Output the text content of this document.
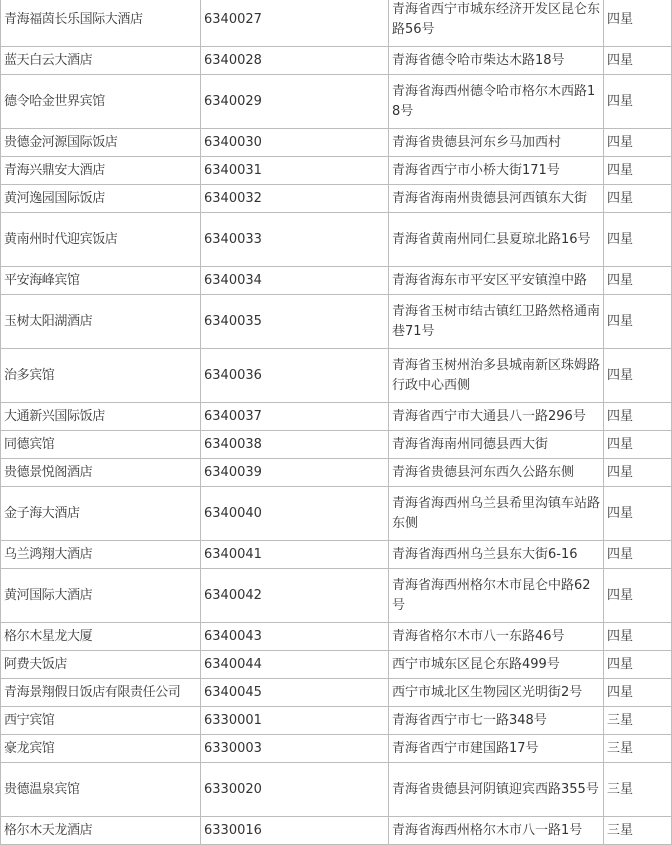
青海福茵长乐国际大酒店	6340027	青海省西宁市城东经济开发区昆仑东路56号	四星
蓝天白云大酒店	6340028	青海省德令哈市柴达木路18号	四星
德令哈金世界宾馆	6340029	青海省海西州德令哈市格尔木西路18号	四星
贵德金河源国际饭店	6340030	青海省贵德县河东乡马加西村	四星
青海兴鼎安大酒店	6340031	青海省西宁市小桥大街171号	四星
黄河逸园国际饭店	6340032	青海省海南州贵德县河西镇东大街	四星
黄南州时代迎宾饭店	6340033	青海省黄南州同仁县夏琼北路16号	四星
平安海峰宾馆	6340034	青海省海东市平安区平安镇湟中路	四星
玉树太阳湖酒店	6340035	青海省玉树市结古镇红卫路然格通南巷71号	四星
治多宾馆	6340036	青海省玉树州治多县城南新区珠姆路行政中心西侧	四星
大通新兴国际饭店	6340037	青海省西宁市大通县八一路296号	四星
同德宾馆	6340038	青海省海南州同德县西大街	四星
贵德景悦阁酒店	6340039	青海省贵德县河东西久公路东侧	四星
金子海大酒店	6340040	青海省海西州乌兰县希里沟镇车站路东侧	四星
乌兰鸿翔大酒店	6340041	青海省海西州乌兰县东大街6-16	四星
黄河国际大酒店	6340042	青海省海西州格尔木市昆仑中路62号	四星
格尔木星龙大厦	6340043	青海省格尔木市八一东路46号	四星
阿费夫饭店	6340044	西宁市城东区昆仑东路499号	四星
青海景翔假日饭店有限责任公司	6340045	西宁市城北区生物园区光明街2号	四星
西宁宾馆	6330001	青海省西宁市七一路348号	三星
豪龙宾馆	6330003	青海省西宁市建国路17号	三星
贵德温泉宾馆	6330020	青海省贵德县河阴镇迎宾西路355号	三星
格尔木天龙酒店	6330016	青海省海西州格尔木市八一路1号	三星
